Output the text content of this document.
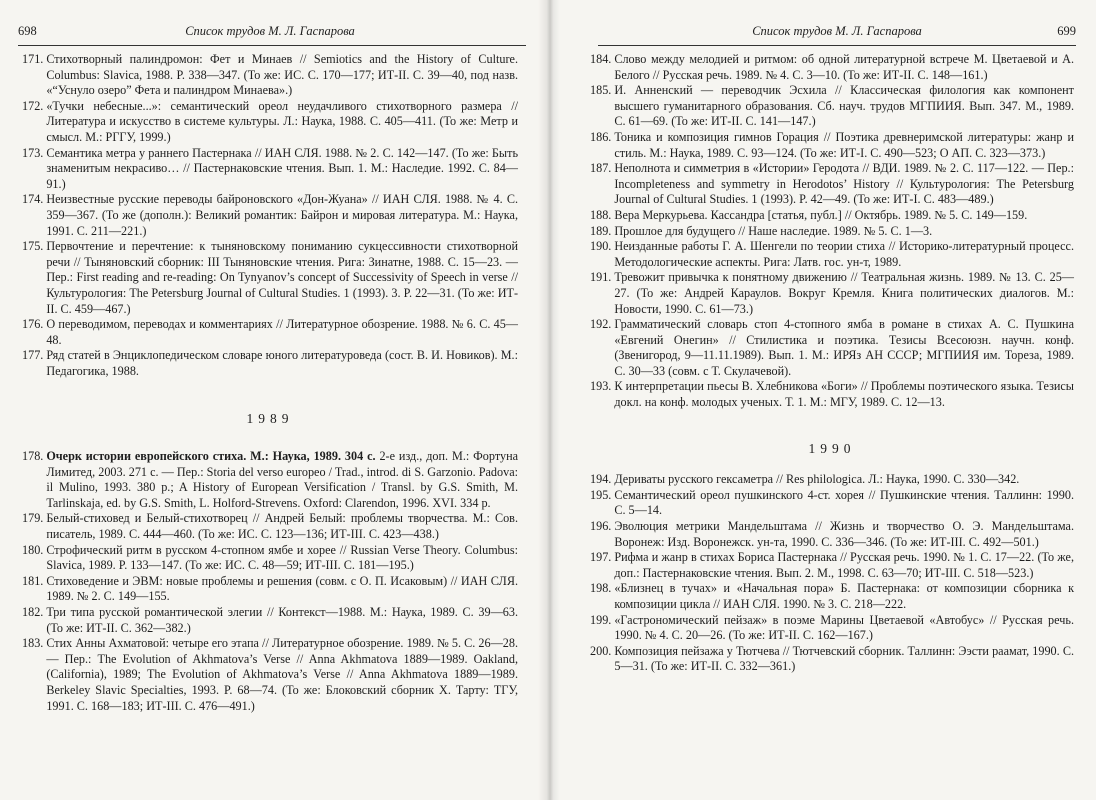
698	Список трудов М. Л. Гаспарова
171. Стихотворный палиндромон: Фет и Минаев // Semiotics and the History of Culture. Columbus: Slavica, 1988. P. 338—347. (То же: ИС. С. 170—177; ИТ-II. С. 39—40, под назв. «“Уснуло озеро” Фета и палиндром Минаева».)
172. «Тучки небесные...»: семантический ореол неудачливого стихотворного размера // Литература и искусство в системе культуры. Л.: Наука, 1988. С. 405—411. (То же: Метр и смысл. М.: РГГУ, 1999.)
173. Семантика метра у раннего Пастернака // ИАН СЛЯ. 1988. № 2. С. 142—147. (То же: Быть знаменитым некрасиво… // Пастернаковские чтения. Вып. 1. М.: Наследие. 1992. С. 84—91.)
174. Неизвестные русские переводы байроновского «Дон-Жуана» // ИАН СЛЯ. 1988. № 4. С. 359—367. (То же (дополн.): Великий романтик: Байрон и мировая литература. М.: Наука, 1991. С. 211—221.)
175. Первочтение и перечтение: к тыняновскому пониманию сукцессивности стихотворной речи // Тыняновский сборник: III Тыняновские чтения. Рига: Зинатне, 1988. С. 15—23. — Пер.: First reading and re-reading: On Tynyanov’s concept of Successivity of Speech in verse // Культурология: The Petersburg Journal of Cultural Studies. 1 (1993). 3. P. 22—31. (То же: ИТ-II. С. 459—467.)
176. О переводимом, переводах и комментариях // Литературное обозрение. 1988. № 6. С. 45—48.
177. Ряд статей в Энциклопедическом словаре юного литературоведа (сост. В. И. Новиков). М.: Педагогика, 1988.
1989
178. Очерк истории европейского стиха. М.: Наука, 1989. 304 с. 2-е изд., доп. М.: Фортуна Лимитед, 2003. 271 с. — Пер.: Storia del verso europeo / Trad., introd. di S. Garzonio. Padova: il Mulino, 1993. 380 p.; A History of European Versification / Transl. by G.S. Smith, M. Tarlinskaja, ed. by G.S. Smith, L. Holford-Strevens. Oxford: Clarendon, 1996. XVI. 334 p.
179. Белый-стиховед и Белый-стихотворец // Андрей Белый: проблемы творчества. М.: Сов. писатель, 1989. С. 444—460. (То же: ИС. С. 123—136; ИТ-III. С. 423—438.)
180. Строфический ритм в русском 4-стопном ямбе и хорее // Russian Verse Theory. Columbus: Slavica, 1989. P. 133—147. (То же: ИС. С. 48—59; ИТ-III. С. 181—195.)
181. Стиховедение и ЭВМ: новые проблемы и решения (совм. с О. П. Исаковым) // ИАН СЛЯ. 1989. № 2. С. 149—155.
182. Три типа русской романтической элегии // Контекст—1988. М.: Наука, 1989. С. 39—63. (То же: ИТ-II. С. 362—382.)
183. Стих Анны Ахматовой: четыре его этапа // Литературное обозрение. 1989. № 5. С. 26—28. — Пер.: The Evolution of Akhmatova’s Verse // Anna Akhmatova 1889—1989. Oakland, (California), 1989; The Evolution of Akhmatova’s Verse // Anna Akhmatova 1889—1989. Berkeley Slavic Specialties, 1993. P. 68—74. (То же: Блоковский сборник X. Тарту: ТГУ, 1991. С. 168—183; ИТ-III. С. 476—491.)
Список трудов М. Л. Гаспарова	699
184. Слово между мелодией и ритмом: об одной литературной встрече М. Цветаевой и А. Белого // Русская речь. 1989. № 4. С. 3—10. (То же: ИТ-II. С. 148—161.)
185. И. Анненский — переводчик Эсхила // Классическая филология как компонент высшего гуманитарного образования. Сб. науч. трудов МГПИИЯ. Вып. 347. М., 1989. С. 61—69. (То же: ИТ-II. С. 141—147.)
186. Тоника и композиция гимнов Горация // Поэтика древнеримской литературы: жанр и стиль. М.: Наука, 1989. С. 93—124. (То же: ИТ-I. С. 490—523; О АП. С. 323—373.)
187. Неполнота и симметрия в «Истории» Геродота // ВДИ. 1989. № 2. С. 117—122. — Пер.: Incompleteness and symmetry in Herodotos’ History // Культурология: The Petersburg Journal of Cultural Studies. 1 (1993). P. 42—49. (То же: ИТ-I. С. 483—489.)
188. Вера Меркурьева. Кассандра [статья, публ.] // Октябрь. 1989. № 5. С. 149—159.
189. Прошлое для будущего // Наше наследие. 1989. № 5. С. 1—3.
190. Неизданные работы Г. А. Шенгели по теории стиха // Историко-литературный процесс. Методологические аспекты. Рига: Латв. гос. ун-т, 1989.
191. Тревожит привычка к понятному движению // Театральная жизнь. 1989. № 13. С. 25—27. (То же: Андрей Караулов. Вокруг Кремля. Книга политических диалогов. М.: Новости, 1990. С. 61—73.)
192. Грамматический словарь стоп 4-стопного ямба в романе в стихах А. С. Пушкина «Евгений Онегин» // Стилистика и поэтика. Тезисы Всесоюзн. научн. конф. (Звенигород, 9—11.11.1989). Вып. 1. М.: ИРЯз АН СССР; МГПИИЯ им. Тореза, 1989. С. 30—33 (совм. с Т. Скулачевой).
193. К интерпретации пьесы В. Хлебникова «Боги» // Проблемы поэтического языка. Тезисы докл. на конф. молодых ученых. Т. 1. М.: МГУ, 1989. С. 12—13.
1990
194. Дериваты русского гексаметра // Res philologica. Л.: Наука, 1990. С. 330—342.
195. Семантический ореол пушкинского 4-ст. хорея // Пушкинские чтения. Таллинн: 1990. С. 5—14.
196. Эволюция метрики Мандельштама // Жизнь и творчество О. Э. Мандельштама. Воронеж: Изд. Воронежск. ун-та, 1990. С. 336—346. (То же: ИТ-III. С. 492—501.)
197. Рифма и жанр в стихах Бориса Пастернака // Русская речь. 1990. № 1. С. 17—22. (То же, доп.: Пастернаковские чтения. Вып. 2. М., 1998. С. 63—70; ИТ-III. С. 518—523.)
198. «Близнец в тучах» и «Начальная пора» Б. Пастернака: от композиции сборника к композиции цикла // ИАН СЛЯ. 1990. № 3. С. 218—222.
199. «Гастрономический пейзаж» в поэме Марины Цветаевой «Автобус» // Русская речь. 1990. № 4. С. 20—26. (То же: ИТ-II. С. 162—167.)
200. Композиция пейзажа у Тютчева // Тютчевский сборник. Таллинн: Ээсти раамат, 1990. С. 5—31. (То же: ИТ-II. С. 332—361.)
